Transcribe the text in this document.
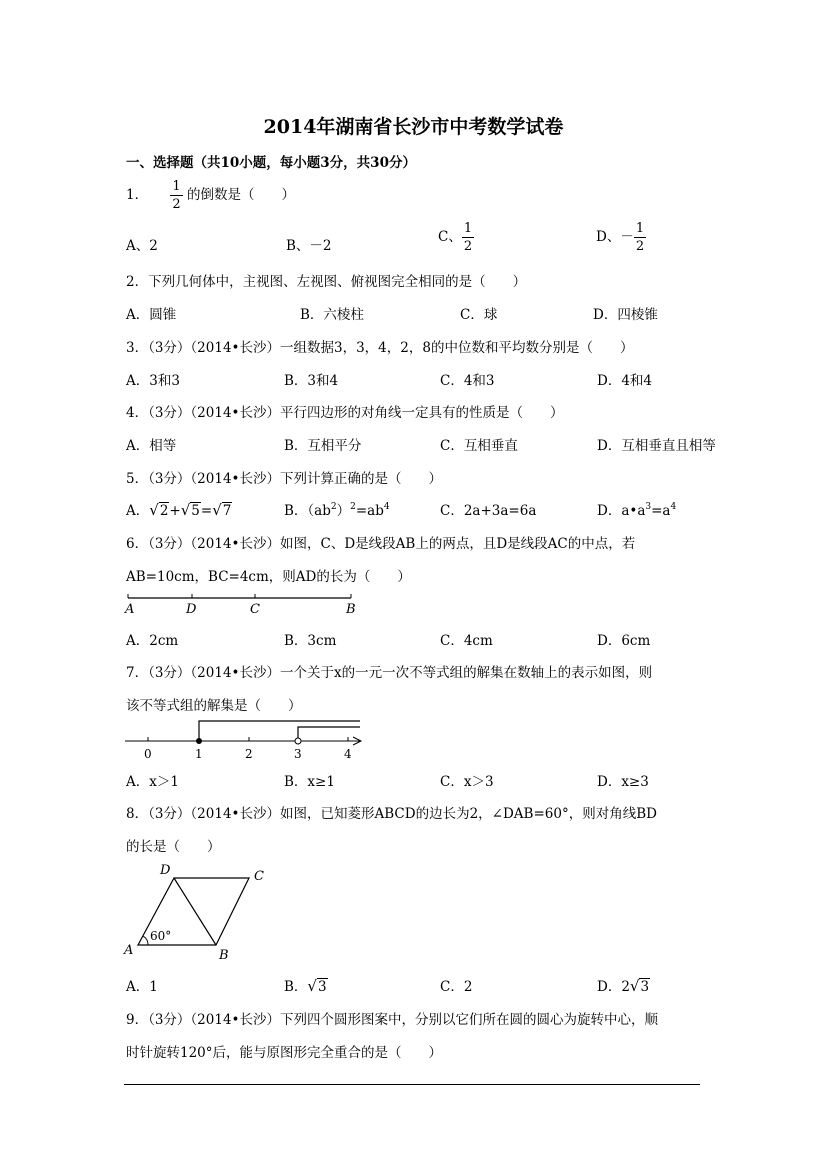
2014年湖南省长沙市中考数学试卷
一、选择题（共10小题，每小题3分，共30分）
1． $\frac{1}{2}$ 的倒数是（　　）
A、2	B、－2
C、 $\frac{1}{2}$	D、－ $\frac{1}{2}$
2．下列几何体中，主视图、左视图、俯视图完全相同的是（　　）
A．圆锥	B．六棱柱	C．球	D．四棱锥
3．（3分）（2014•长沙）一组数据3，3，4，2，8的中位数和平均数分别是（　　）
A．3和3	B．3和4	C．4和3	D．4和4
4．（3分）（2014•长沙）平行四边形的对角线一定具有的性质是（　　）
A．相等	B．互相平分	C．互相垂直	D．互相垂直且相等
5．（3分）（2014•长沙）下列计算正确的是（　　）
A．√2+√5=√7	B．$(ab^2)^2=ab^4$	C．2a+3a=6a	D．$a•a^3=a^4$
6．（3分）（2014•长沙）如图，C、D是线段AB上的两点，且D是线段AC的中点，若
AB=10cm，BC=4cm，则AD的长为（　　）
A	D	C	B
A．2cm	B．3cm	C．4cm	D．6cm
7．（3分）（2014•长沙）一个关于x的一元一次不等式组的解集在数轴上的表示如图，则
该不等式组的解集是（　　）
0	1	2	3	4
A．x＞1	B．x≥1	C．x＞3	D．x≥3
8．（3分）（2014•长沙）如图，已知菱形ABCD的边长为2，∠DAB=60°，则对角线BD
的长是（　　）
60°
A	B
C
D
A．1	B．√3	C．2	D．2√3
9．（3分）（2014•长沙）下列四个圆形图案中，分别以它们所在圆的圆心为旋转中心，顺
时针旋转120°后，能与原图形完全重合的是（　　）
